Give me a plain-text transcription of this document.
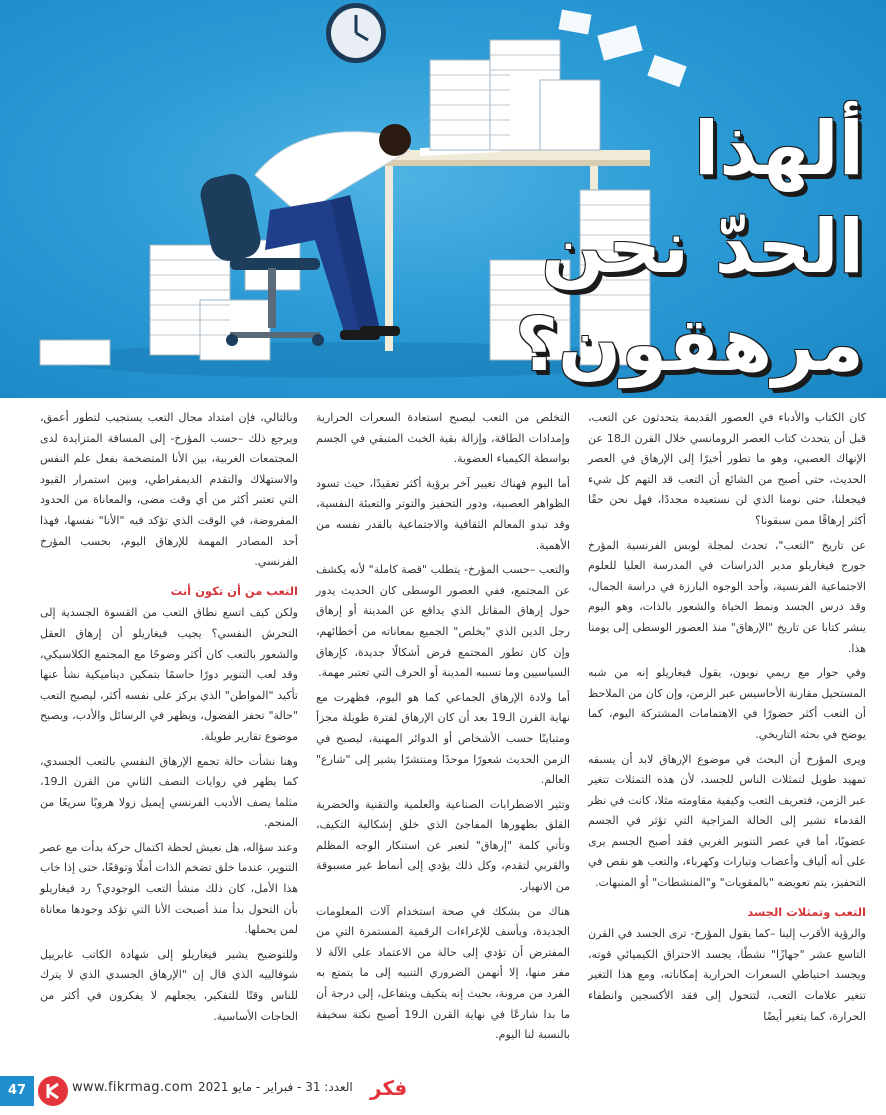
ألهذا
الحدّ نحن
مرهقون؟

كان الكتاب والأدباء في العصور القديمة يتحدثون عن التعب، قبل أن يتحدث كتاب العصر الرومانسي خلال القرن الـ18 عن الإنهاك العصبي، وهو ما تطور أخيرًا إلى الإرهاق في العصر الحديث، حتى أصبح من الشائع أن التعب قد التهم كل شيء فيجعلنا، حتى نومنا الذي لن نستعيده مجددًا، فهل نحن حقًا أكثر إرهاقًا ممن سبقونا؟

عن تاريخ "التعب"، تحدث لمجلة لوبس الفرنسية المؤرخ جورج فيغاريلو مدير الدراسات في المدرسة العليا للعلوم الاجتماعية الفرنسية، وأحد الوجوه البارزة في دراسة الجمال، وقد درس الجسد ونمط الحياة والشعور بالذات، وهو اليوم ينشر كتابا عن تاريخ "الإرهاق" منذ العصور الوسطى إلى يومنا هذا.

وفي حوار مع ريمي نويون، يقول فيغاريلو إنه من شبه المستحيل مقارنة الأحاسيس عبر الزمن، وإن كان من الملاحظ أن التعب أكثر حضورًا في الاهتمامات المشتركة اليوم، كما يوضح في بحثه التاريخي.

ويرى المؤرخ أن البحث في موضوع الإرهاق لابد أن يسبقه تمهيد طويل لتمثلات الناس للجسد، لأن هذه التمثلات تتغير عبر الزمن، فتعريف التعب وكيفية مقاومته مثلا، كانت في نظر القدماء تشير إلى الحالة المزاجية التي تؤثر في الجسم عضويًا، أما في عصر التنوير الغربي فقد أصبح الجسم يرى على أنه ألياف وأعصاب وتيارات وكهرباء، والتعب هو نقص في التحفيز، يتم تعويضه "بالمقويات" و"المنشطات" أو المنبهات.

التعب وتمثلات الجسد

والرؤية الأقرب إلينا –كما يقول المؤرخ- ترى الجسد في القرن التاسع عشر "جهازًا" نشطًا، يجسد الاحتراق الكيميائي قوته، ويجسد احتياطي السعرات الحرارية إمكاناته، ومع هذا التغير تتغير علامات التعب، لتتحول إلى فقد الأكسجين وانطفاء الحرارة، كما يتغير أيضًا

التخلص من التعب ليصبح استعادة السعرات الحرارية وإمدادات الطاقة، وإزالة بقية الخبث المتبقي في الجسم بواسطة الكيمياء العضوية.

أما اليوم فهناك تغيير آخر برؤية أكثر تعقيدًا، حيث تسود الظواهر العصبية، ودور التحفيز والتوتر والتعبئة النفسية، وقد تبدو المعالم الثقافية والاجتماعية بالقدر نفسه من الأهمية.

والتعب –حسب المؤرخ- يتطلب "قصة كاملة" لأنه يكشف عن المجتمع، ففي العصور الوسطى كان الحديث يدور حول إرهاق المقاتل الذي يدافع عن المدينة أو إرهاق رجل الدين الذي "يخلص" الجميع بمعاناته من أخطائهم، وإن كان تطور المجتمع فرض أشكالًا جديدة، كإرهاق السياسيين وما تسببه المدينة أو الحرف التي تعتبر مهمة.

أما ولادة الإرهاق الجماعي كما هو اليوم، فظهرت مع نهاية القرن الـ19 بعد أن كان الإرهاق لفترة طويلة مجزأ ومتباينًا حسب الأشخاص أو الدوائر المهنية، ليصبح في الزمن الحديث شعورًا موحدًا ومنتشرًا يشير إلى "شارع" العالم.

وتثير الاضطرابات الصناعية والعلمية والتقنية والحضرية القلق بظهورها المفاجئ الذي خلق إشكالية التكيف، وتأتي كلمة "إرهاق" لتعبر عن استنكار الوجه المظلم والقربي لتقدم، وكل ذلك يؤدي إلى أنماط غير مسبوقة من الانهيار.

هناك من يشكك في صحة استخدام آلات المعلومات الجديدة، ويأسف للإغراءات الرقمية المستمرة التي من المفترض أن تؤدي إلى حالة من الاعتماد على الآلة لا مفر منها، إلا أنهمن الضروري التنبيه إلى ما يتمتع به الفرد من مرونة، بحيث إنه يتكيف ويتفاعل، إلى درجة أن ما بدا شارعًا في نهاية القرن الـ19 أصبح نكتة سخيفة بالنسبة لنا اليوم.

وبالتالي، فإن امتداد مجال التعب يستجيب لتطور أعمق، ويرجع ذلك –حسب المؤرخ- إلى المسافة المتزايدة لدى المجتمعات الغربية، بين الأنا المتضخمة بفعل علم النفس والاستهلاك والتقدم الديمقراطي، وبين استمرار القيود التي تعتبر أكثر من أي وقت مضى، والمعاناة من الحدود المفروضة، في الوقت الذي تؤكد فيه "الأنا" نفسها، فهذا أحد المصادر المهمة للإرهاق اليوم، بحسب المؤرخ الفرنسي.

التعب من أن تكون أنت

ولكن كيف اتسع نطاق التعب من القسوة الجسدية إلى التحرش النفسي؟ يجيب فيغاريلو أن إرهاق العقل والشعور بالتعب كان أكثر وضوحًا مع المجتمع الكلاسيكي، وقد لعب التنوير دورًا حاسمًا بتمكين ديناميكية نشأ عنها تأكيد "المواطن" الذي يركز على نفسه أكثر، ليصبح التعب "حالة" تحفز الفضول، ويظهر في الرسائل والأدب، ويصبح موضوع تقارير طويلة.

وهنا نشأت حالة تجمع الإرهاق النفسي بالتعب الجسدي، كما يظهر في روايات النصف الثاني من القرن الـ19، مثلما يصف الأديب الفرنسي إيميل زولا هروبًا سريعًا من المنجم.

وعند سؤاله، هل نعيش لحظة اكتمال حركة بدأت مع عصر التنوير، عندما خلق تضخم الذات أملًا وتوقعًا، حتى إذا خاب هذا الأمل، كان ذلك منشأ التعب الوجودي؟ رد فيغاريلو بأن التحول بدأ منذ أصبحت الأنا التي تؤكد وجودها معاناة لمن يحملها.

وللتوضيح يشير فيغاريلو إلى شهادة الكاتب غابرييل شوفالييه الذي قال إن "الإرهاق الجسدي الذي لا يترك للناس وقتًا للتفكير، يجعلهم لا يفكرون في أكثر من الحاجات الأساسية.

47	www.fikrmag.com العدد: 31 - فبراير - مايو 2021 فكر
